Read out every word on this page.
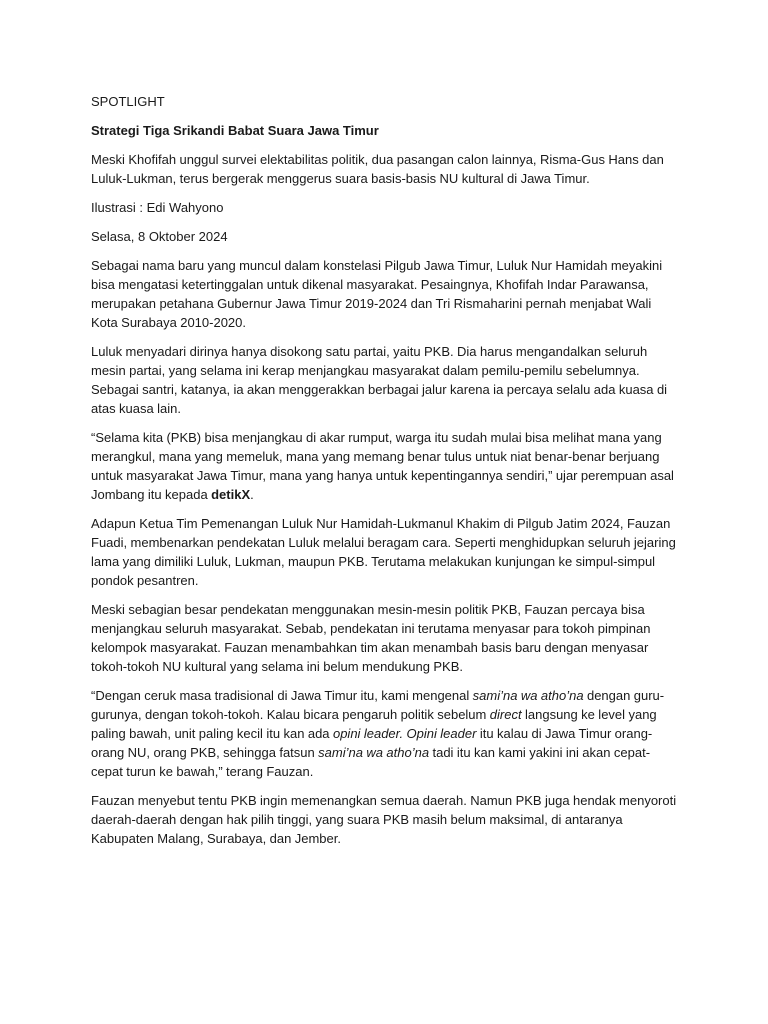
SPOTLIGHT

Strategi Tiga Srikandi Babat Suara Jawa Timur

Meski Khofifah unggul survei elektabilitas politik, dua pasangan calon lainnya, Risma-Gus Hans dan Luluk-Lukman, terus bergerak menggerus suara basis-basis NU kultural di Jawa Timur.

Ilustrasi : Edi Wahyono

Selasa, 8 Oktober 2024

Sebagai nama baru yang muncul dalam konstelasi Pilgub Jawa Timur, Luluk Nur Hamidah meyakini bisa mengatasi ketertinggalan untuk dikenal masyarakat. Pesaingnya, Khofifah Indar Parawansa, merupakan petahana Gubernur Jawa Timur 2019-2024 dan Tri Rismaharini pernah menjabat Wali Kota Surabaya 2010-2020.

Luluk menyadari dirinya hanya disokong satu partai, yaitu PKB. Dia harus mengandalkan seluruh mesin partai, yang selama ini kerap menjangkau masyarakat dalam pemilu-pemilu sebelumnya. Sebagai santri, katanya, ia akan menggerakkan berbagai jalur karena ia percaya selalu ada kuasa di atas kuasa lain.

“Selama kita (PKB) bisa menjangkau di akar rumput, warga itu sudah mulai bisa melihat mana yang merangkul, mana yang memeluk, mana yang memang benar tulus untuk niat benar-benar berjuang untuk masyarakat Jawa Timur, mana yang hanya untuk kepentingannya sendiri,” ujar perempuan asal Jombang itu kepada detikX.

Adapun Ketua Tim Pemenangan Luluk Nur Hamidah-Lukmanul Khakim di Pilgub Jatim 2024, Fauzan Fuadi, membenarkan pendekatan Luluk melalui beragam cara. Seperti menghidupkan seluruh jejaring lama yang dimiliki Luluk, Lukman, maupun PKB. Terutama melakukan kunjungan ke simpul-simpul pondok pesantren.

Meski sebagian besar pendekatan menggunakan mesin-mesin politik PKB, Fauzan percaya bisa menjangkau seluruh masyarakat. Sebab, pendekatan ini terutama menyasar para tokoh pimpinan kelompok masyarakat. Fauzan menambahkan tim akan menambah basis baru dengan menyasar tokoh-tokoh NU kultural yang selama ini belum mendukung PKB.

“Dengan ceruk masa tradisional di Jawa Timur itu, kami mengenal sami’na wa atho’na dengan guru-gurunya, dengan tokoh-tokoh. Kalau bicara pengaruh politik sebelum direct langsung ke level yang paling bawah, unit paling kecil itu kan ada opini leader. Opini leader itu kalau di Jawa Timur orang-orang NU, orang PKB, sehingga fatsun sami’na wa atho’na tadi itu kan kami yakini ini akan cepat-cepat turun ke bawah,” terang Fauzan.

Fauzan menyebut tentu PKB ingin memenangkan semua daerah. Namun PKB juga hendak menyoroti daerah-daerah dengan hak pilih tinggi, yang suara PKB masih belum maksimal, di antaranya Kabupaten Malang, Surabaya, dan Jember.
